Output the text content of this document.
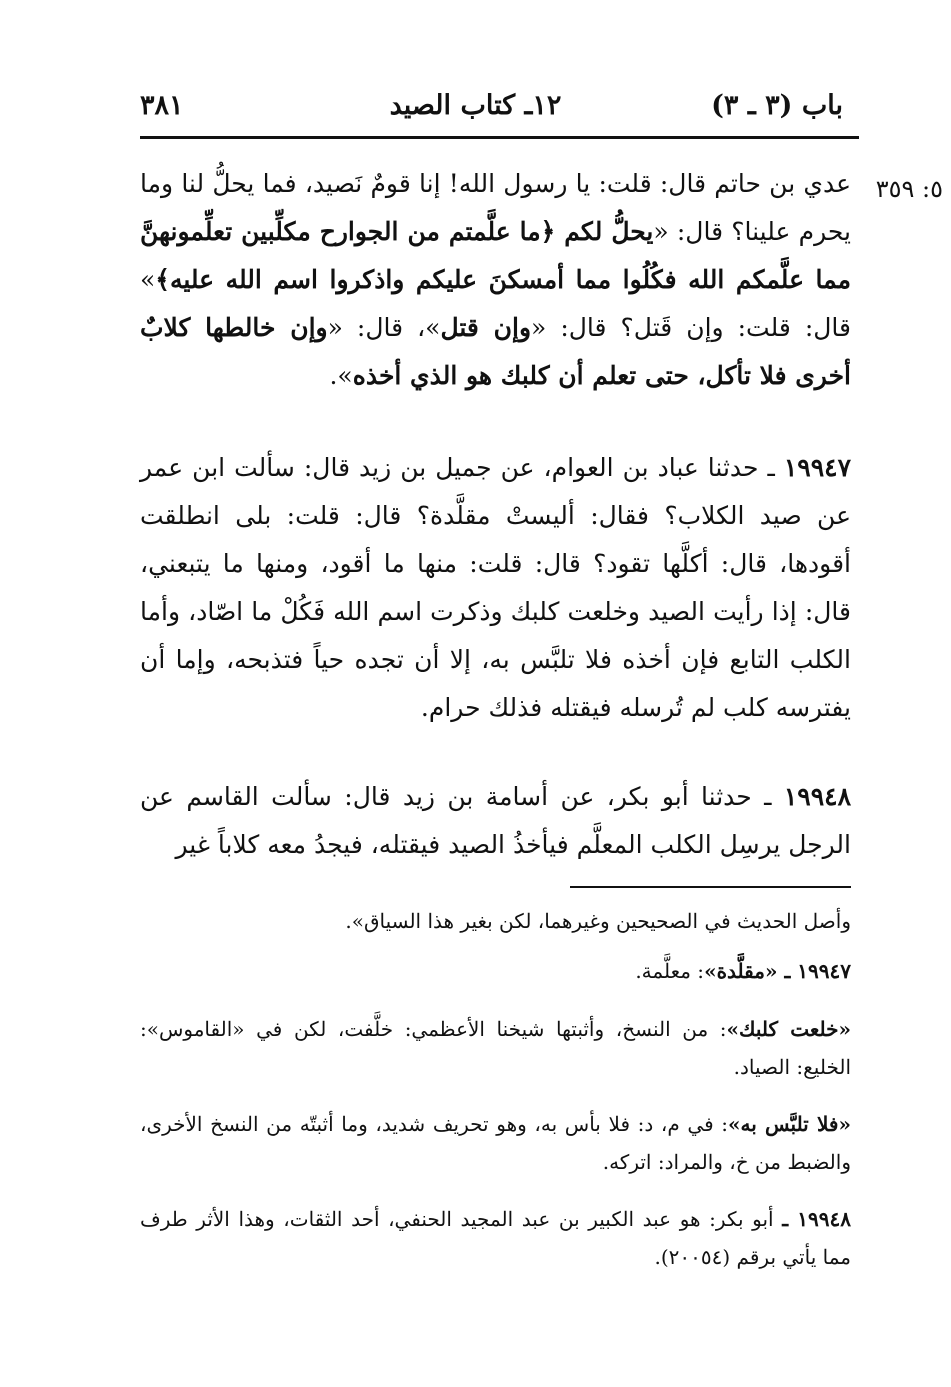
باب (٣ ـ ٣)
١٢ـ كتاب الصيد
٣٨١
٥: ٣٥٩

عدي بن حاتم قال: قلت: يا رسول الله! إنا قومٌ نَصيد، فما يحلُّ لنا وما يحرم علينا؟ قال: «يحلُّ لكم ﴿ما علَّمتم من الجوارح مكلِّبين تعلِّمونهنَّ مما علَّمكم الله فكُلُوا مما أمسكنَ عليكم واذكروا اسم الله عليه﴾» قال: قلت: وإن قَتل؟ قال: «وإن قتل»، قال: «وإن خالطها كلابٌ أخرى فلا تأكل، حتى تعلم أن كلبك هو الذي أخذه».

١٩٩٤٧ ـ حدثنا عباد بن العوام، عن جميل بن زيد قال: سألت ابن عمر عن صيد الكلاب؟ فقال: أليستْ مقلَّدة؟ قال: قلت: بلى انطلقت أقودها، قال: أكلَّها تقود؟ قال: قلت: منها ما أقود، ومنها ما يتبعني، قال: إذا رأيت الصيد وخلعت كلبك وذكرت اسم الله فَكُلْ ما اصّاد، وأما الكلب التابع فإن أخذه فلا تلبَّس به، إلا أن تجده حياً فتذبحه، وإما أن يفترسه كلب لم تُرسله فيقتله فذلك حرام.

١٩٩٤٨ ـ حدثنا أبو بكر، عن أسامة بن زيد قال: سألت القاسم عن الرجل يرسِل الكلب المعلَّم فيأخذُ الصيد فيقتله، فيجدُ معه كلاباً غير

وأصل الحديث في الصحيحين وغيرهما، لكن بغير هذا السياق».

١٩٩٤٧ ـ «مقلَّدة»: معلَّمة.

«خلعت كلبك»: من النسخ، وأثبتها شيخنا الأعظمي: خلَّفت، لكن في «القاموس»: الخليع: الصياد.

«فلا تلبَّس به»: في م، د: فلا بأس به، وهو تحريف شديد، وما أثبتّه من النسخ الأخرى، والضبط من خ، والمراد: اتركه.

١٩٩٤٨ ـ أبو بكر: هو عبد الكبير بن عبد المجيد الحنفي، أحد الثقات، وهذا الأثر طرف مما يأتي برقم (٢٠٠٥٤).
